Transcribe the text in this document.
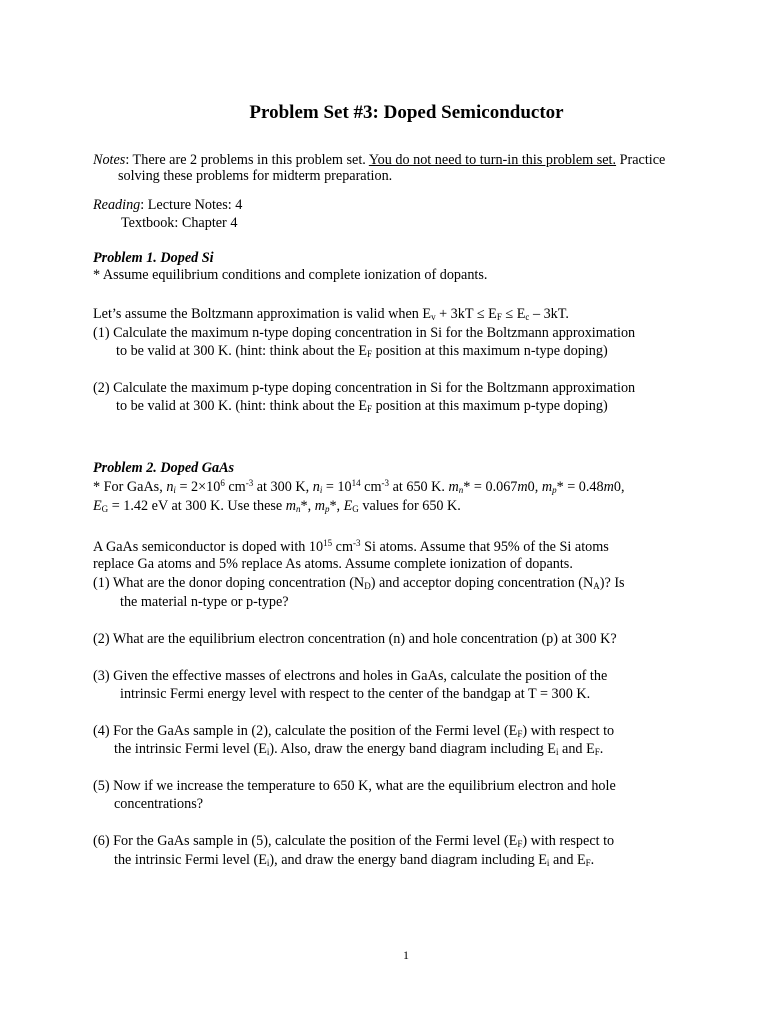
Problem Set #3: Doped Semiconductor
Notes: There are 2 problems in this problem set. You do not need to turn-in this problem set. Practice
solving these problems for midterm preparation.
Reading: Lecture Notes: 4
Textbook: Chapter 4
Problem 1. Doped Si
* Assume equilibrium conditions and complete ionization of dopants.
Let’s assume the Boltzmann approximation is valid when $E_v + 3kT \le E_F \le E_c - 3kT$.
(1) Calculate the maximum n-type doping concentration in Si for the Boltzmann approximation
to be valid at 300 K. (hint: think about the $E_F$ position at this maximum n-type doping)
(2) Calculate the maximum p-type doping concentration in Si for the Boltzmann approximation
to be valid at 300 K. (hint: think about the $E_F$ position at this maximum p-type doping)
Problem 2. Doped GaAs
* For GaAs, $n_i = 2\times 10^6$ $cm^{-3}$ at 300 K, $n_i = 10^{14}$ $cm^{-3}$ at 650 K. $m_n* = 0.067m0$, $m_p* = 0.48m0$,
$E_G = 1.42$ eV at 300 K. Use these $m_n*$, $m_p*$, $E_G$ values for 650 K.
A GaAs semiconductor is doped with $10^{15}$ $cm^{-3}$ Si atoms. Assume that 95% of the Si atoms
replace Ga atoms and 5% replace As atoms. Assume complete ionization of dopants.
(1) What are the donor doping concentration $(N_D)$ and acceptor doping concentration $(N_A)$? Is
the material n-type or p-type?
(2) What are the equilibrium electron concentration (n) and hole concentration (p) at 300 K?
(3) Given the effective masses of electrons and holes in GaAs, calculate the position of the
intrinsic Fermi energy level with respect to the center of the bandgap at T = 300 K.
(4) For the GaAs sample in (2), calculate the position of the Fermi level $(E_F)$ with respect to
the intrinsic Fermi level $(E_i)$. Also, draw the energy band diagram including $E_i$ and $E_F$.
(5) Now if we increase the temperature to 650 K, what are the equilibrium electron and hole
concentrations?
(6) For the GaAs sample in (5), calculate the position of the Fermi level $(E_F)$ with respect to
the intrinsic Fermi level $(E_i)$, and draw the energy band diagram including $E_i$ and $E_F$.
1
